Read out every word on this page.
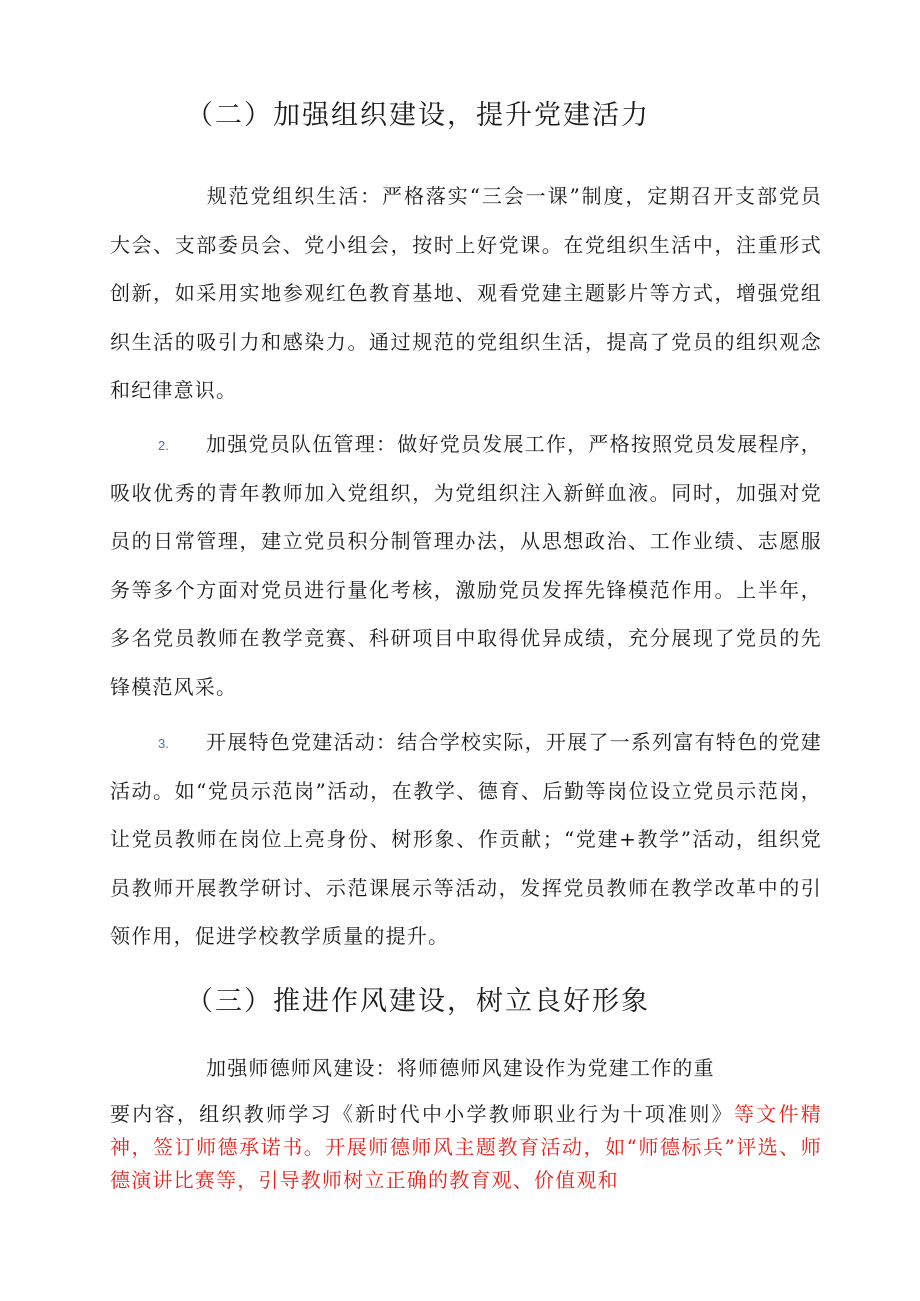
（二）加强组织建设，提升党建活力

规范党组织生活：严格落实“三会一课”制度，定期召开支部党员大会、支部委员会、党小组会，按时上好党课。在党组织生活中，注重形式创新，如采用实地参观红色教育基地、观看党建主题影片等方式，增强党组织生活的吸引力和感染力。通过规范的党组织生活，提高了党员的组织观念和纪律意识。

2.	加强党员队伍管理：做好党员发展工作，严格按照党员发展程序，吸收优秀的青年教师加入党组织，为党组织注入新鲜血液。同时，加强对党员的日常管理，建立党员积分制管理办法，从思想政治、工作业绩、志愿服务等多个方面对党员进行量化考核，激励党员发挥先锋模范作用。上半年，多名党员教师在教学竞赛、科研项目中取得优异成绩，充分展现了党员的先锋模范风采。

3.	开展特色党建活动：结合学校实际，开展了一系列富有特色的党建活动。如“党员示范岗”活动，在教学、德育、后勤等岗位设立党员示范岗，让党员教师在岗位上亮身份、树形象、作贡献；“党建+教学”活动，组织党员教师开展教学研讨、示范课展示等活动，发挥党员教师在教学改革中的引领作用，促进学校教学质量的提升。

（三）推进作风建设，树立良好形象

加强师德师风建设：将师德师风建设作为党建工作的重

要内容，组织教师学习《新时代中小学教师职业行为十项准则》等文件精神，签订师德承诺书。开展师德师风主题教育活动，如“师德标兵”评选、师德演讲比赛等，引导教师树立正确的教育观、价值观和
